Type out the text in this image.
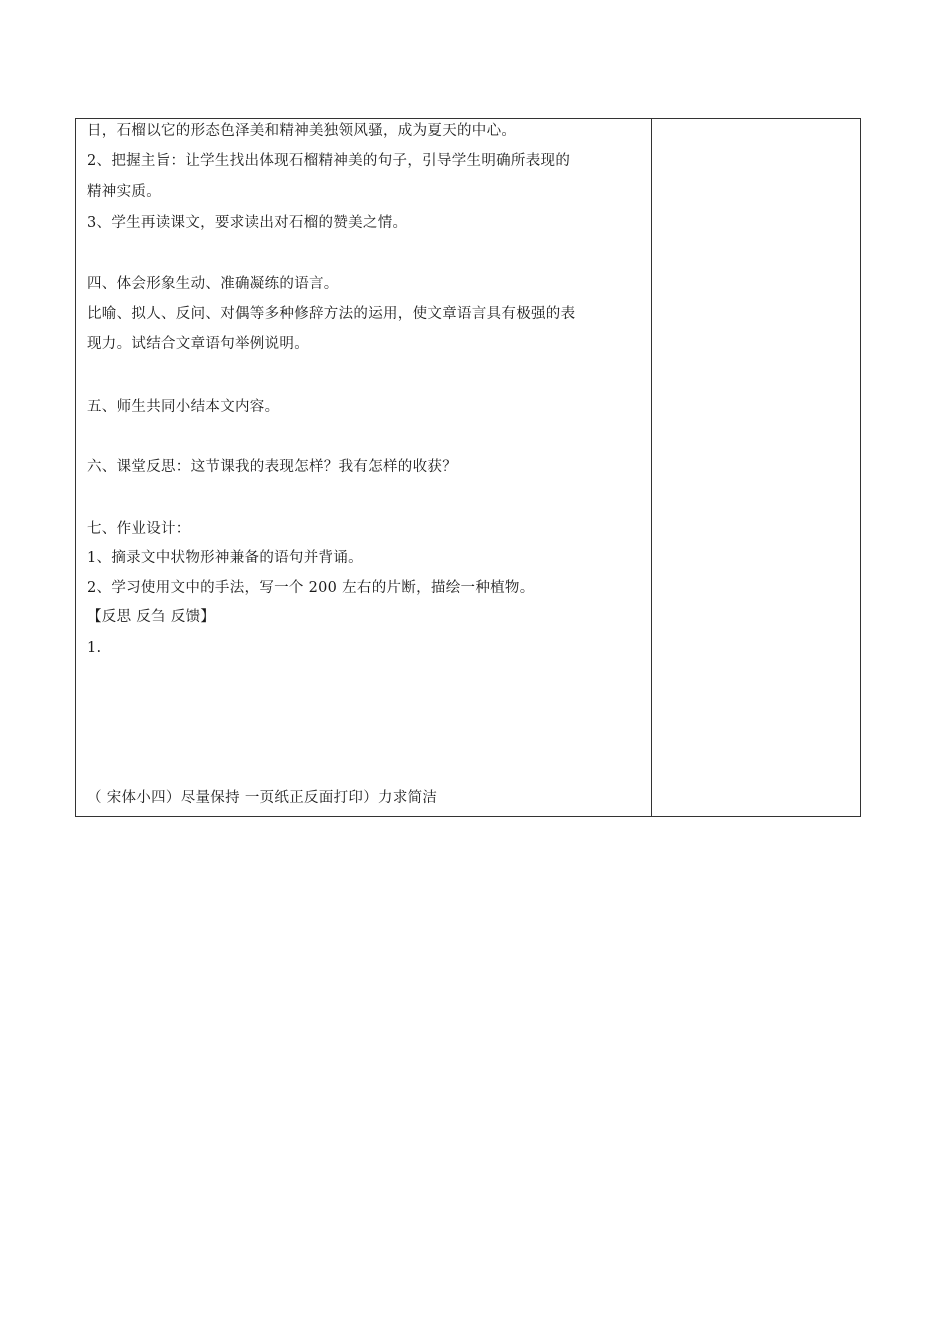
日，石榴以它的形态色泽美和精神美独领风骚，成为夏天的中心。
2、把握主旨：让学生找出体现石榴精神美的句子，引导学生明确所表现的
精神实质。
3、学生再读课文，要求读出对石榴的赞美之情。
四、体会形象生动、准确凝练的语言。
比喻、拟人、反问、对偶等多种修辞方法的运用，使文章语言具有极强的表
现力。试结合文章语句举例说明。
五、师生共同小结本文内容。
六、课堂反思：这节课我的表现怎样？我有怎样的收获？
七、作业设计：
1、摘录文中状物形神兼备的语句并背诵。
2、学习使用文中的手法，写一个 200 左右的片断，描绘一种植物。
【反思 反刍 反馈】
1.
（ 宋体小四）尽量保持 一页纸正反面打印）力求简洁
